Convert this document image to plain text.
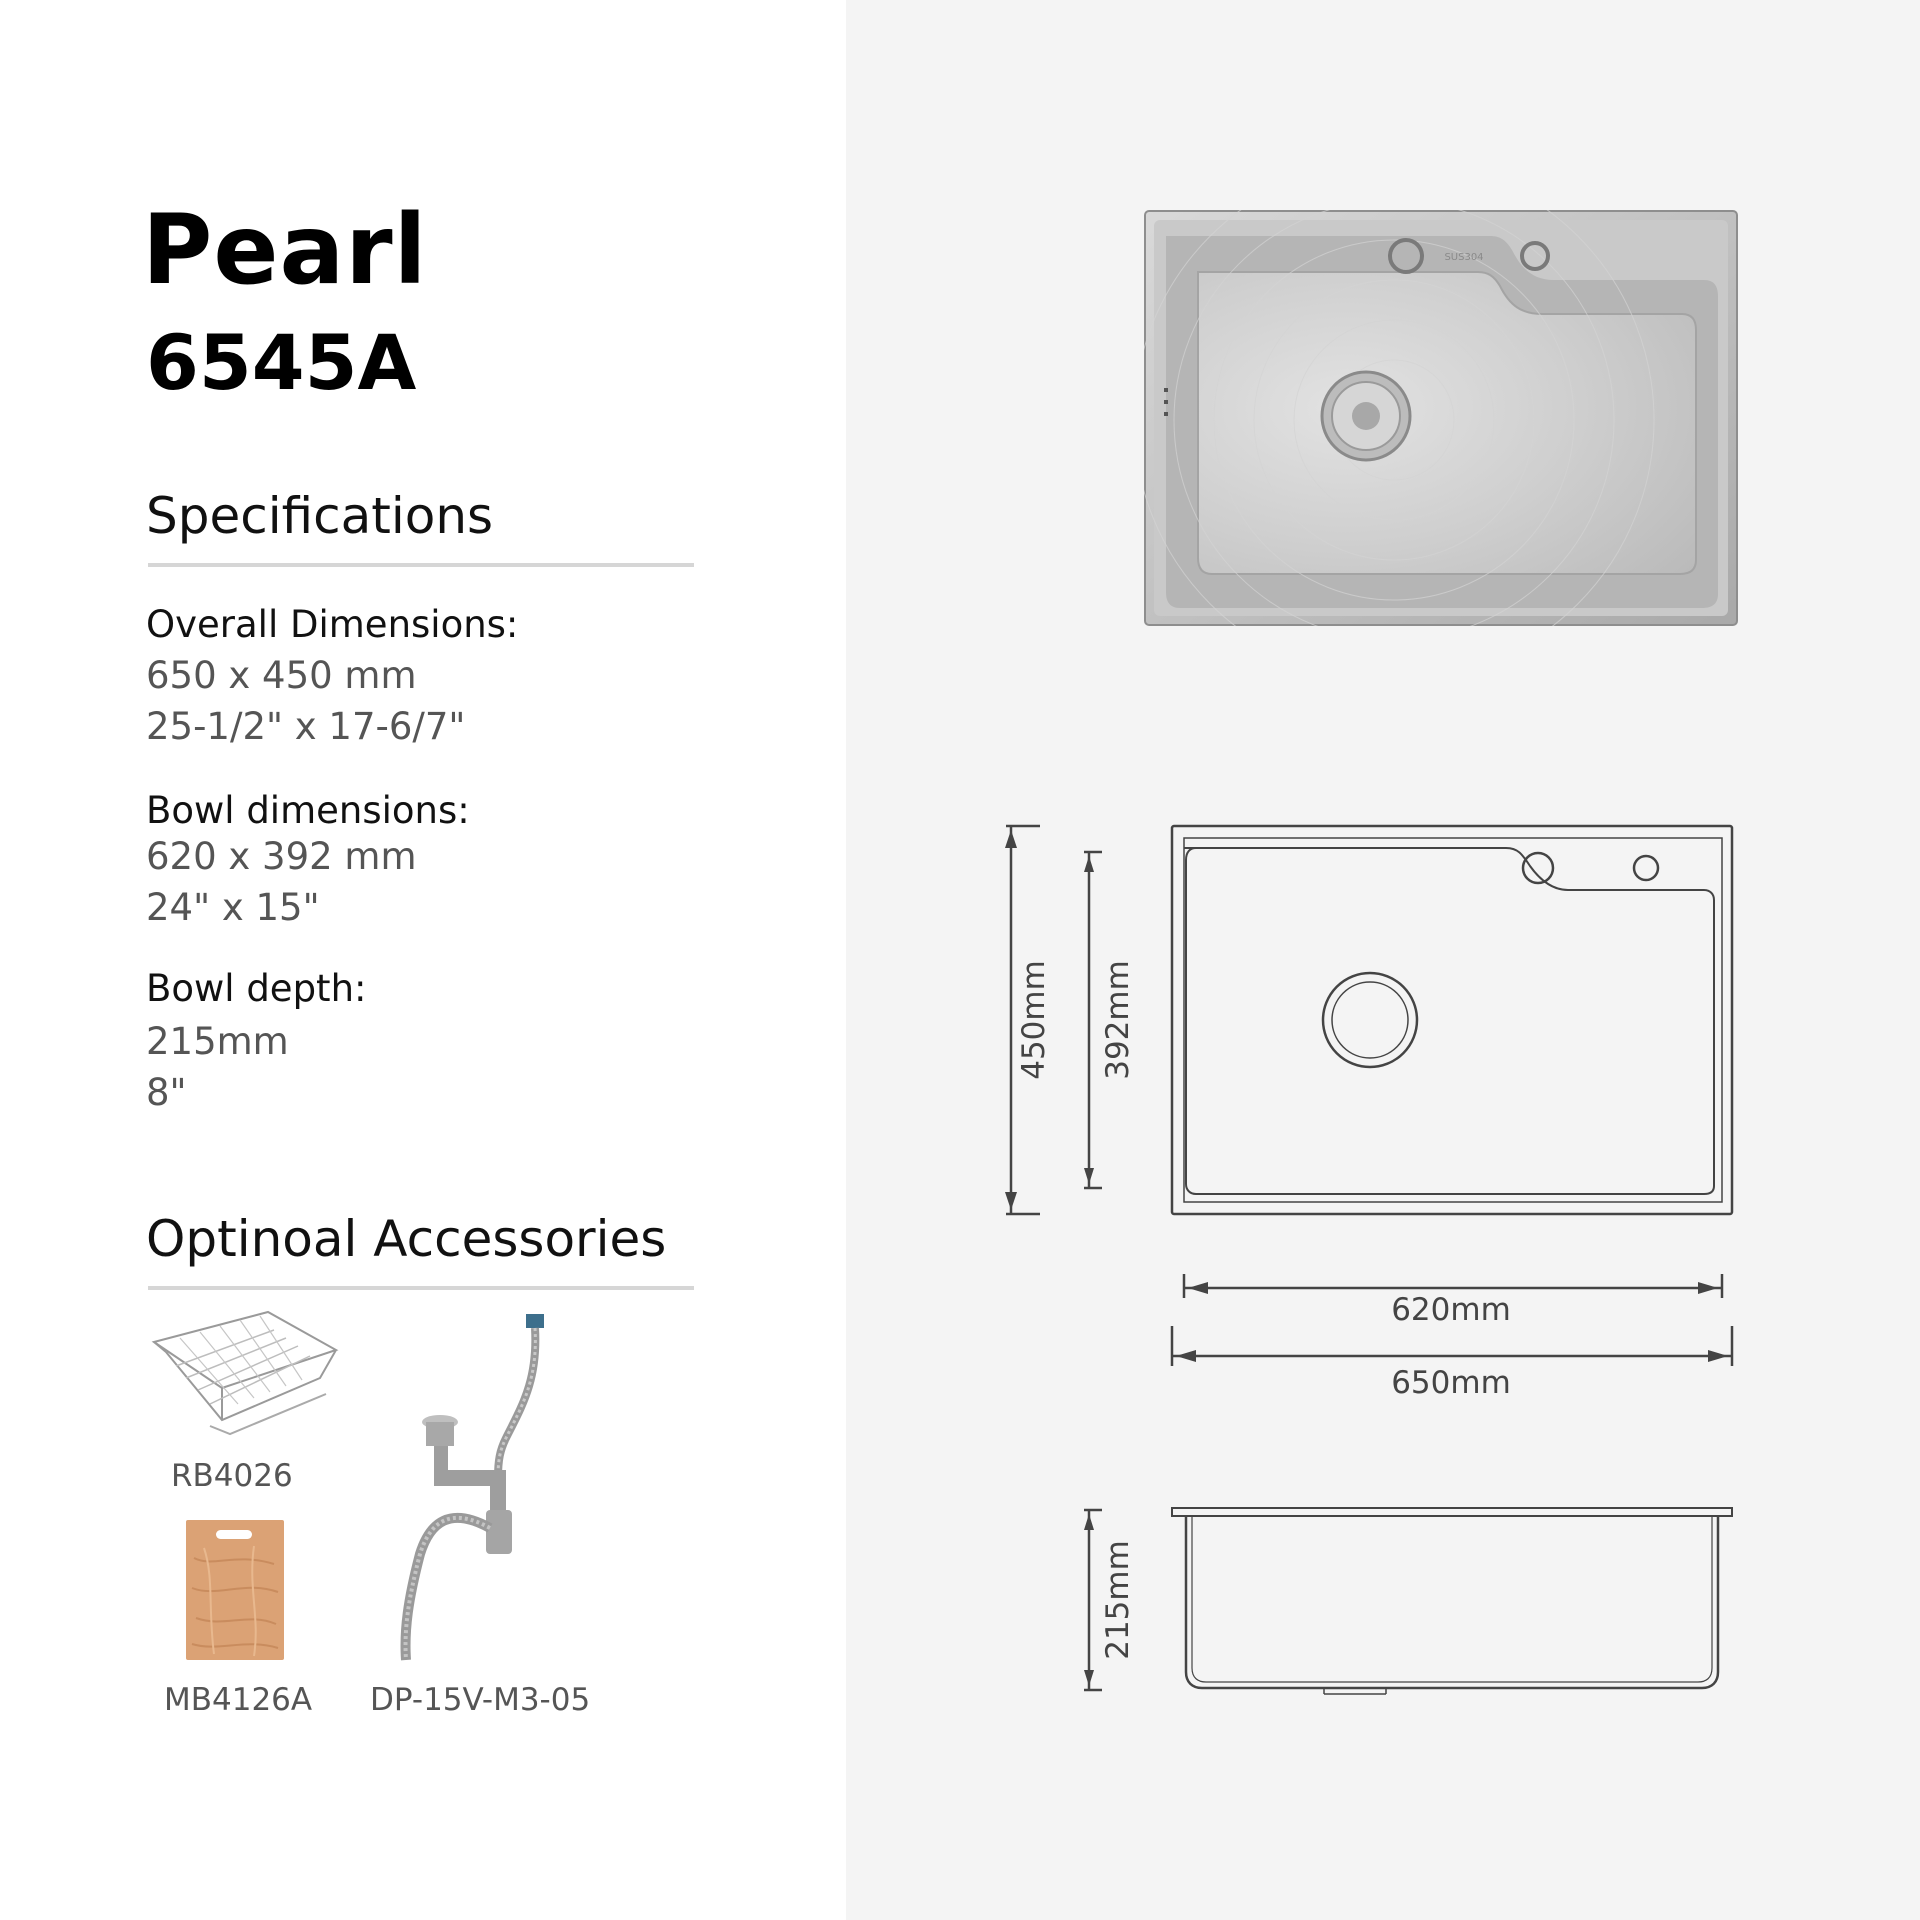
Pearl
6545A
Specifications
Overall Dimensions:
650 x 450 mm
25-1/2" x 17-6/7"
Bowl dimensions:
620 x 392 mm
24" x 15"
Bowl depth:
215mm
8"
Optinoal Accessories
RB4026
MB4126A DP-15V-M3-05
SUS304
450mm 392mm
620mm
650mm
215mm
